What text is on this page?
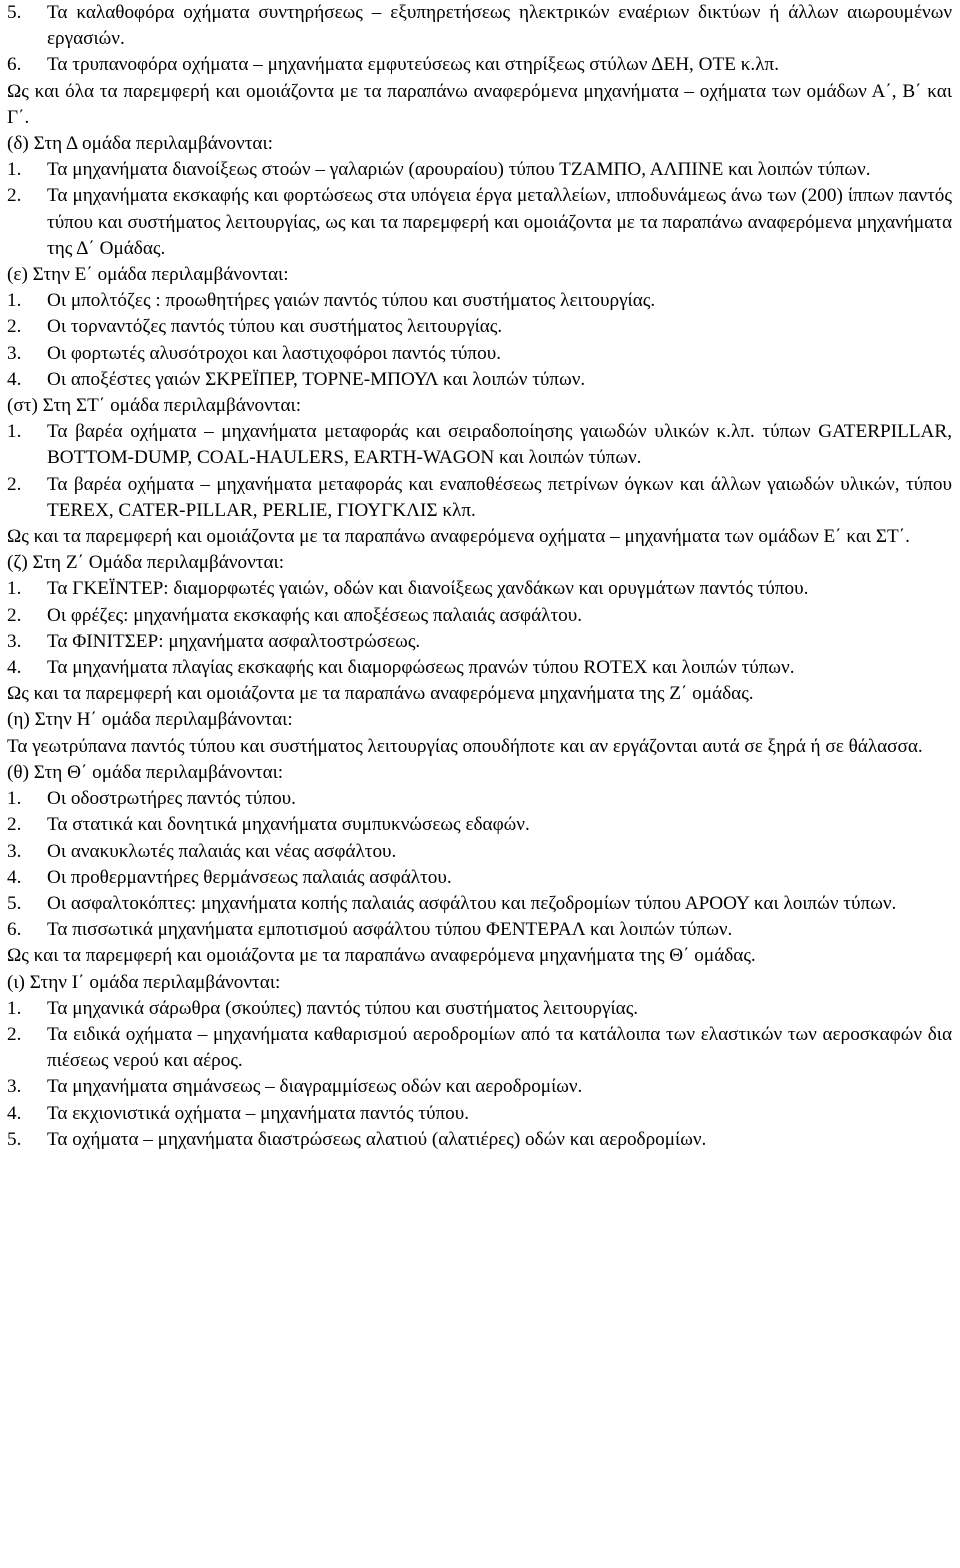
5. Τα καλαθοφόρα οχήματα συντηρήσεως – εξυπηρετήσεως ηλεκτρικών εναέριων δικτύων ή άλλων αιωρουμένων εργασιών.
6. Τα τρυπανοφόρα οχήματα – μηχανήματα εμφυτεύσεως και στηρίξεως στύλων ΔΕΗ, ΟΤΕ κ.λπ.
Ως και όλα τα παρεμφερή και ομοιάζοντα με τα παραπάνω αναφερόμενα μηχανήματα – οχήματα των ομάδων Α΄, Β΄ και Γ΄.
(δ) Στη Δ ομάδα περιλαμβάνονται:
1. Τα μηχανήματα διανοίξεως στοών – γαλαριών (αρουραίου) τύπου ΤΖΑΜΠΟ, ΑΛΠΙΝΕ και λοιπών τύπων.
2. Τα μηχανήματα εκσκαφής και φορτώσεως στα υπόγεια έργα μεταλλείων, ιπποδυνάμεως άνω των (200) ίππων παντός τύπου και συστήματος λειτουργίας, ως και τα παρεμφερή και ομοιάζοντα με τα παραπάνω αναφερόμενα μηχανήματα της Δ΄ Ομάδας.
(ε) Στην Ε΄ ομάδα περιλαμβάνονται:
1. Οι μπολτόζες : προωθητήρες γαιών παντός τύπου και συστήματος λειτουργίας.
2. Οι τορναντόζες παντός τύπου και συστήματος λειτουργίας.
3. Οι φορτωτές αλυσότροχοι και λαστιχοφόροι παντός τύπου.
4. Οι αποξέστες γαιών ΣΚΡΕΪΠΕΡ, ΤΟΡΝΕ-ΜΠΟΥΛ και λοιπών τύπων.
(στ) Στη ΣΤ΄ ομάδα περιλαμβάνονται:
1. Τα βαρέα οχήματα – μηχανήματα μεταφοράς και σειραδοποίησης γαιωδών υλικών κ.λπ. τύπων GATERPILLAR, BOTTOM-DUMP, COAL-HAULERS, EARTH-WAGON και λοιπών τύπων.
2. Τα βαρέα οχήματα – μηχανήματα μεταφοράς και εναποθέσεως πετρίνων όγκων και άλλων γαιωδών υλικών, τύπου TEREX, CATER-PILLAR, PERLIE, ΓΙΟΥΓΚΛΙΣ κλπ.
Ως και τα παρεμφερή και ομοιάζοντα με τα παραπάνω αναφερόμενα οχήματα – μηχανήματα των ομάδων Ε΄ και ΣΤ΄.
(ζ) Στη Ζ΄ Ομάδα περιλαμβάνονται:
1. Τα ΓΚΕΪΝΤΕΡ: διαμορφωτές γαιών, οδών και διανοίξεως χανδάκων και ορυγμάτων παντός τύπου.
2. Οι φρέζες: μηχανήματα εκσκαφής και αποξέσεως παλαιάς ασφάλτου.
3. Τα ΦΙΝΙΤΣΕΡ: μηχανήματα ασφαλτοστρώσεως.
4. Τα μηχανήματα πλαγίας εκσκαφής και διαμορφώσεως πρανών τύπου ROTEX και λοιπών τύπων.
Ως και τα παρεμφερή και ομοιάζοντα με τα παραπάνω αναφερόμενα μηχανήματα της Ζ΄ ομάδας.
(η) Στην Η΄ ομάδα περιλαμβάνονται:
Τα γεωτρύπανα παντός τύπου και συστήματος λειτουργίας οπουδήποτε και αν εργάζονται αυτά σε ξηρά ή σε θάλασσα.
(θ) Στη Θ΄ ομάδα περιλαμβάνονται:
1. Οι οδοστρωτήρες παντός τύπου.
2. Τα στατικά και δονητικά μηχανήματα συμπυκνώσεως εδαφών.
3. Οι ανακυκλωτές παλαιάς και νέας ασφάλτου.
4. Οι προθερμαντήρες θερμάνσεως παλαιάς ασφάλτου.
5. Οι ασφαλτοκόπτες: μηχανήματα κοπής παλαιάς ασφάλτου και πεζοδρομίων τύπου ΑΡΟΟΥ και λοιπών τύπων.
6. Τα πισσωτικά μηχανήματα εμποτισμού ασφάλτου τύπου ΦΕΝΤΕΡΑΛ και λοιπών τύπων.
Ως και τα παρεμφερή και ομοιάζοντα με τα παραπάνω αναφερόμενα μηχανήματα της Θ΄ ομάδας.
(ι) Στην Ι΄ ομάδα περιλαμβάνονται:
1. Τα μηχανικά σάρωθρα (σκούπες) παντός τύπου και συστήματος λειτουργίας.
2. Τα ειδικά οχήματα – μηχανήματα καθαρισμού αεροδρομίων από τα κατάλοιπα των ελαστικών των αεροσκαφών δια πιέσεως νερού και αέρος.
3. Τα μηχανήματα σημάνσεως – διαγραμμίσεως οδών και αεροδρομίων.
4. Τα εκχιονιστικά οχήματα – μηχανήματα παντός τύπου.
5. Τα οχήματα – μηχανήματα διαστρώσεως αλατιού (αλατιέρες) οδών και αεροδρομίων.
